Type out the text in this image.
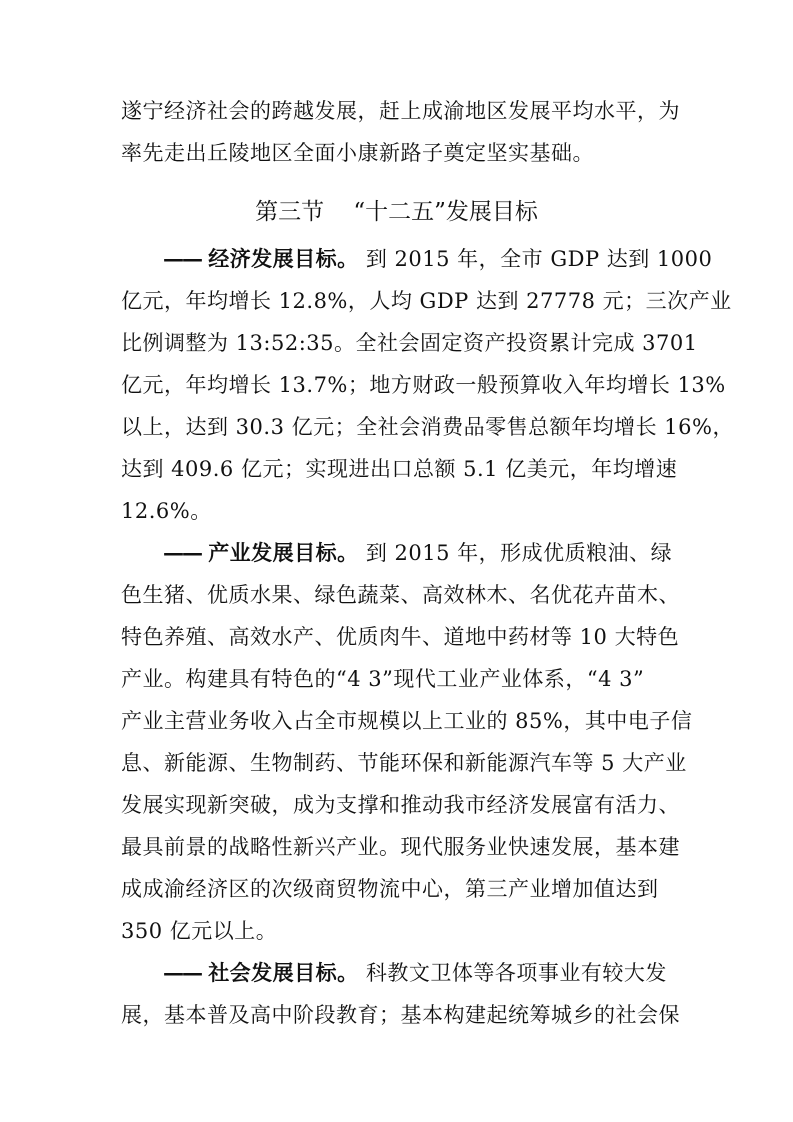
遂宁经济社会的跨越发展，赶上成渝地区发展平均水平，为
率先走出丘陵地区全面小康新路子奠定坚实基础。
第三节    “十二五”发展目标
—— 经济发展目标。 到 2015 年，全市 GDP 达到 1000
亿元，年均增长 12.8%，人均 GDP 达到 27778 元；三次产业
比例调整为 13:52:35。全社会固定资产投资累计完成 3701
亿元，年均增长 13.7%；地方财政一般预算收入年均增长 13%
以上，达到 30.3 亿元；全社会消费品零售总额年均增长 16%，
达到 409.6 亿元；实现进出口总额 5.1 亿美元，年均增速
12.6%。
—— 产业发展目标。 到 2015 年，形成优质粮油、绿
色生猪、优质水果、绿色蔬菜、高效林木、名优花卉苗木、
特色养殖、高效水产、优质肉牛、道地中药材等 10 大特色
产业。构建具有特色的“4 3”现代工业产业体系，“4 3”
产业主营业务收入占全市规模以上工业的 85%，其中电子信
息、新能源、生物制药、节能环保和新能源汽车等 5 大产业
发展实现新突破，成为支撑和推动我市经济发展富有活力、
最具前景的战略性新兴产业。现代服务业快速发展，基本建
成成渝经济区的次级商贸物流中心，第三产业增加值达到
350 亿元以上。
—— 社会发展目标。 科教文卫体等各项事业有较大发
展，基本普及高中阶段教育；基本构建起统筹城乡的社会保
